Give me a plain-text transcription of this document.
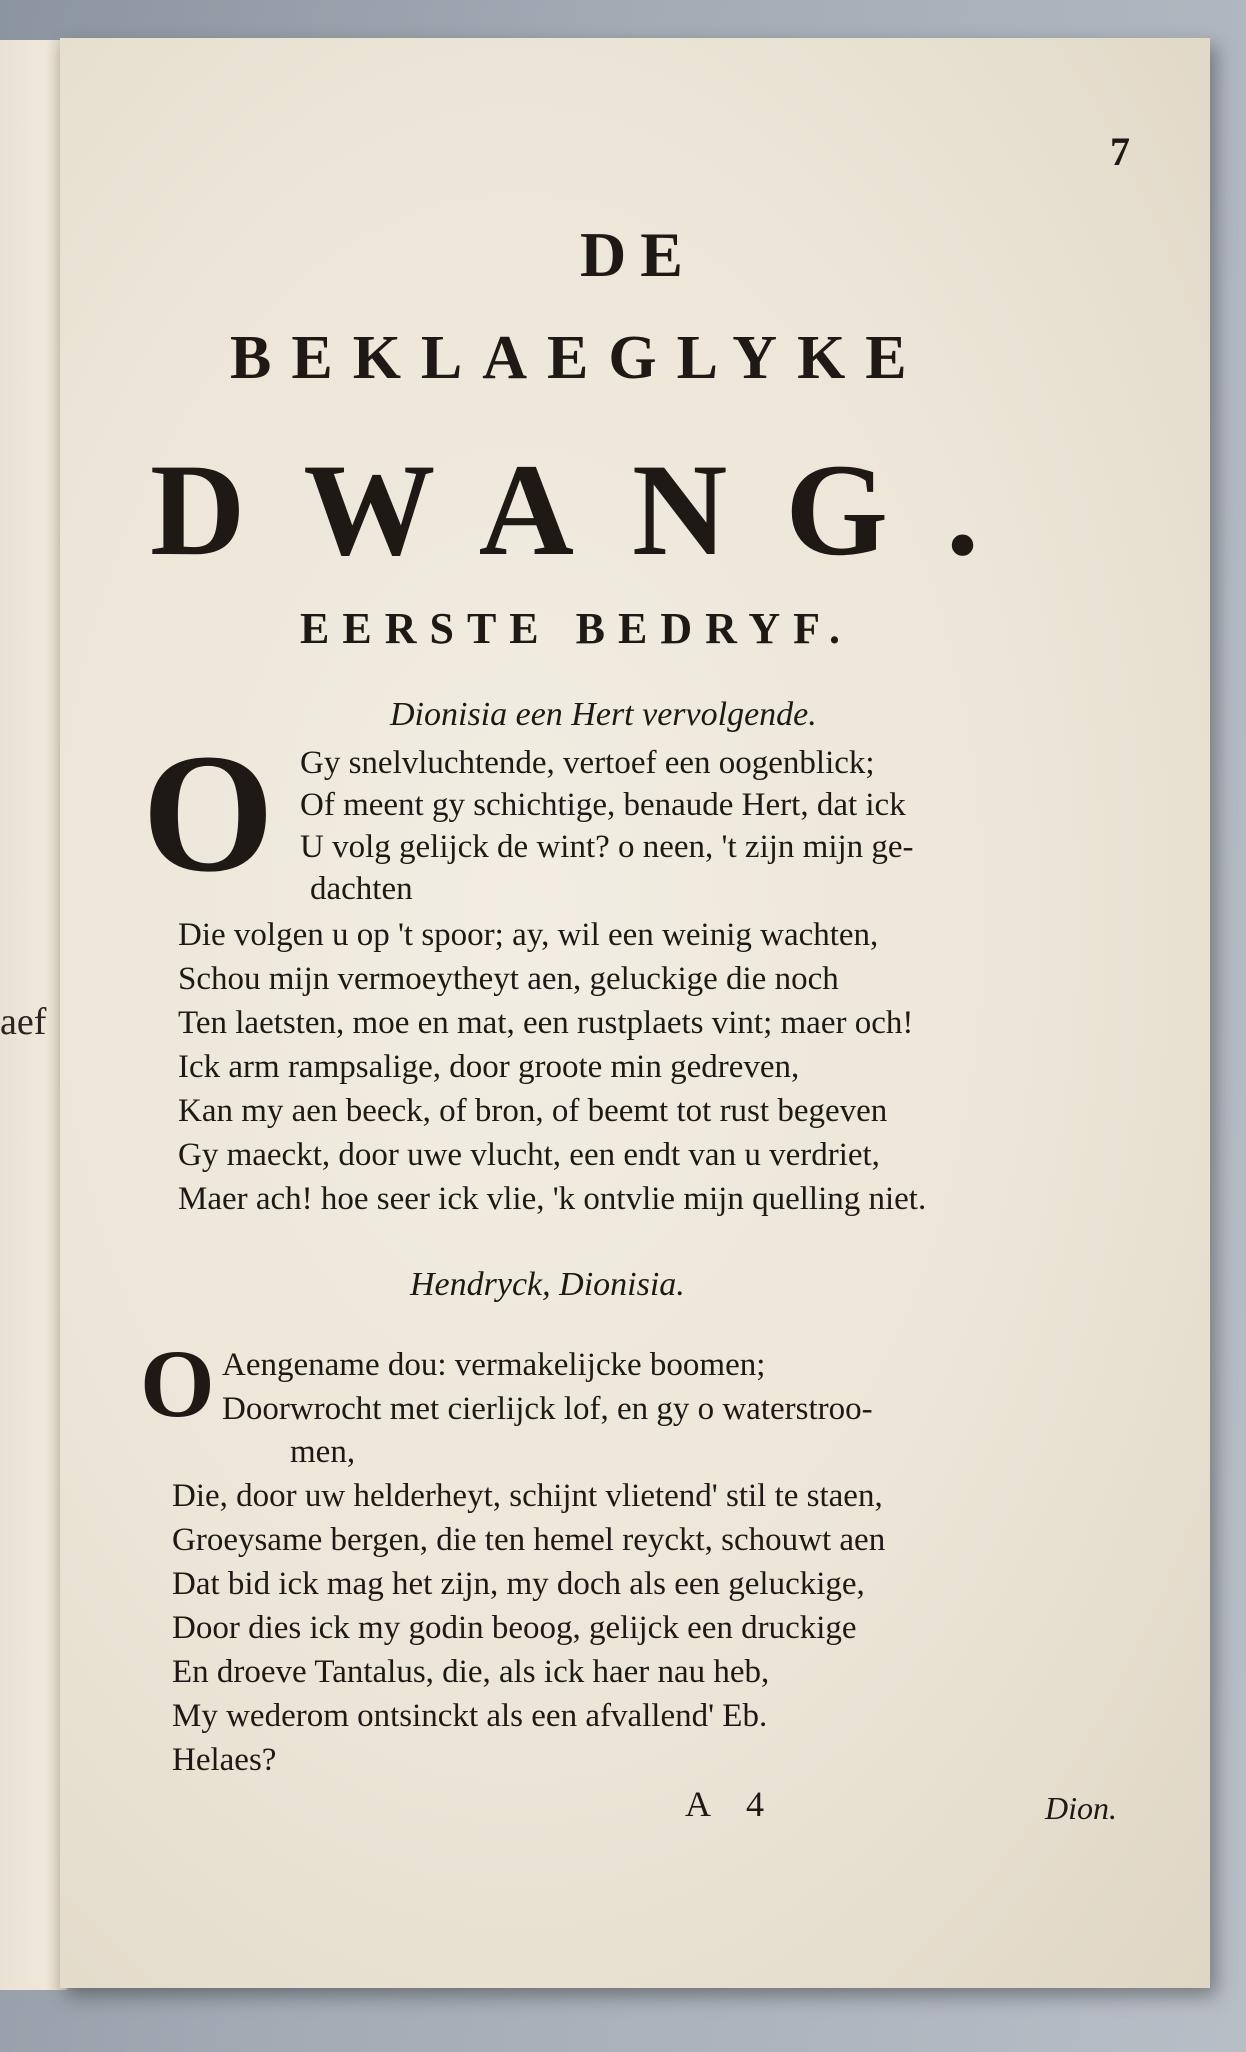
aef
7
DE
BEKLAEGLYKE
DWANG.
EERSTE BEDRYF.
Dionisia een Hert vervolgende.
O Gy snelvluchtende, vertoef een oogenblick;
Of meent gy schichtige, benaude Hert, dat ick
U volg gelijck de wint? o neen, 't zijn mijn ge-
dachten
Die volgen u op 't spoor; ay, wil een weinig wachten,
Schou mijn vermoeytheyt aen, geluckige die noch
Ten laetsten, moe en mat, een rustplaets vint; maer och!
Ick arm rampsalige, door groote min gedreven,
Kan my aen beeck, of bron, of beemt tot rust begeven
Gy maeckt, door uwe vlucht, een endt van u verdriet,
Maer ach! hoe seer ick vlie, 'k ontvlie mijn quelling niet.
Hendryck, Dionisia.
O Aengename dou: vermakelijcke boomen;
Doorwrocht met cierlijck lof, en gy o waterstroo-
men,
Die, door uw helderheyt, schijnt vlietend' stil te staen,
Groeysame bergen, die ten hemel reyckt, schouwt aen
Dat bid ick mag het zijn, my doch als een geluckige,
Door dies ick my godin beoog, gelijck een druckige
En droeve Tantalus, die, als ick haer nau heb,
My wederom ontsinckt als een afvallend' Eb.
Helaes?
A 4	Dion.
